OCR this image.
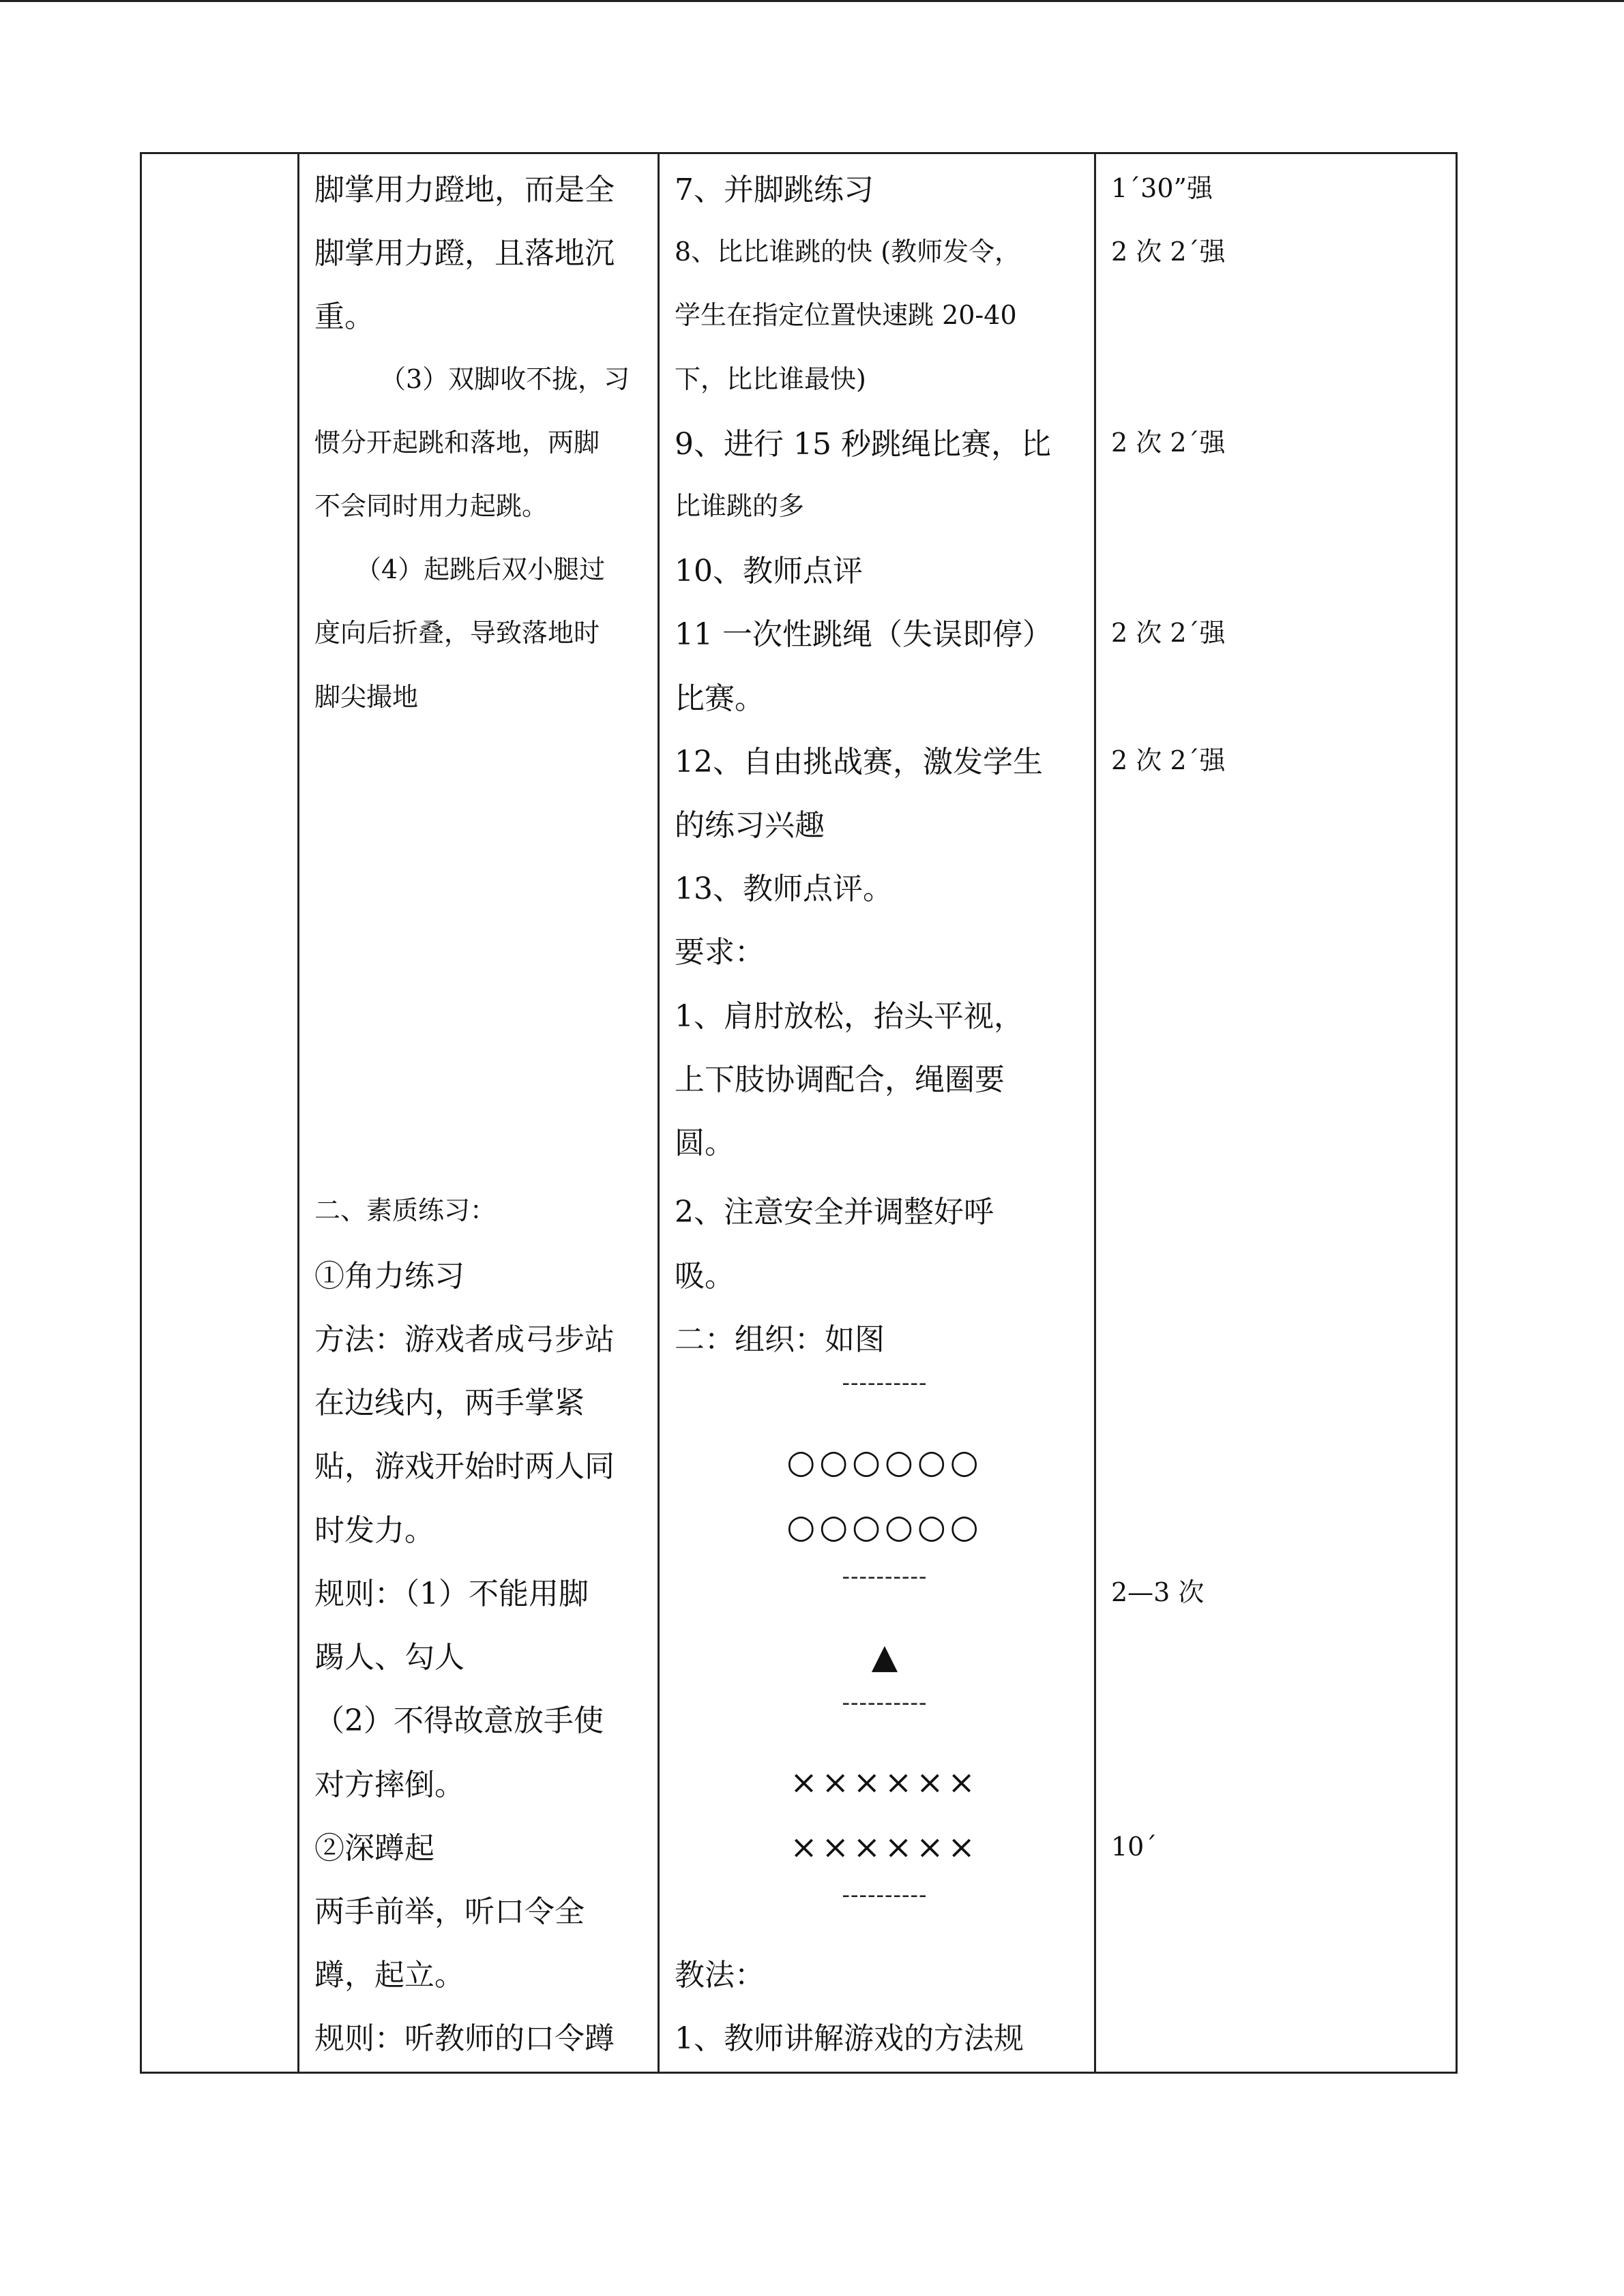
脚掌用力蹬地，而是全
脚掌用力蹬，且落地沉
重。
（3）双脚收不拢，习
惯分开起跳和落地，两脚
不会同时用力起跳。
（4）起跳后双小腿过
度向后折叠，导致落地时
脚尖撮地
二、素质练习：
①角力练习
方法：游戏者成弓步站
在边线内，两手掌紧
贴，游戏开始时两人同
时发力。
规则：（1）不能用脚
踢人、勾人
（2）不得故意放手使
对方摔倒。
②深蹲起
两手前举，听口令全
蹲，起立。
规则：听教师的口令蹲
7、并脚跳练习
8、比比谁跳的快 (教师发令，
学生在指定位置快速跳 20-40
下，比比谁最快)
9、进行 15 秒跳绳比赛，比
比谁跳的多
10、教师点评
11 一次性跳绳（失误即停）
比赛。
12、自由挑战赛，激发学生
的练习兴趣
13、教师点评。
要求：
1、肩肘放松，抬头平视，
上下肢协调配合，绳圈要
圆。
2、注意安全并调整好呼
吸。
二：组织：如图
教法：
1、教师讲解游戏的方法规
----------
○○○○○○
○○○○○○
----------
▲
----------
××××××
××××××
----------
1´30”强
2 次 2´强
2 次 2´强
2 次 2´强
2 次 2´强
2—3 次
10´
